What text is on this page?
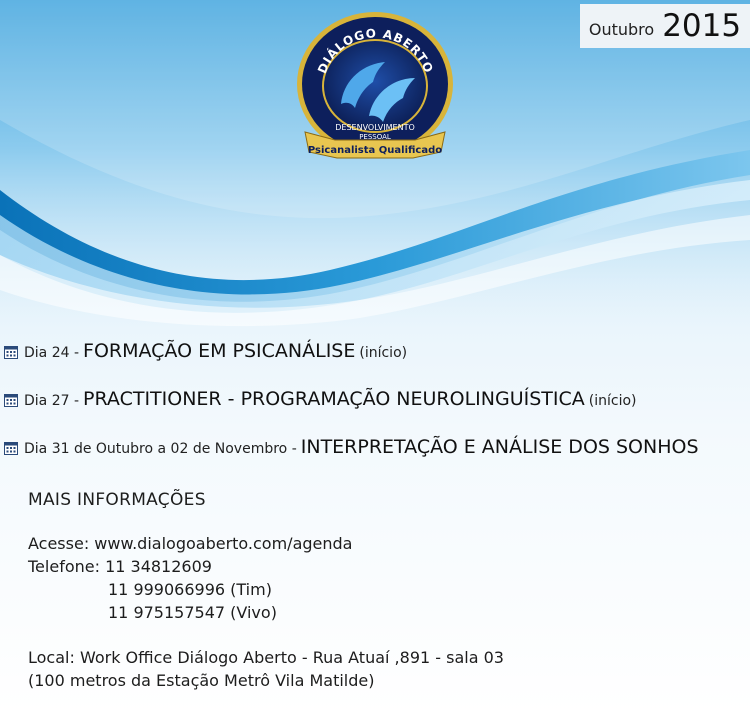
Outubro 2015
DIÁLOGO ABERTO
DESENVOLVIMENTO
PESSOAL
Psicanalista Qualificado
Dia 24 - FORMAÇÃO EM PSICANÁLISE (início)
Dia 27 - PRACTITIONER - PROGRAMAÇÃO NEUROLINGUÍSTICA (início)
Dia 31 de Outubro a 02 de Novembro - INTERPRETAÇÃO E ANÁLISE DOS SONHOS
MAIS INFORMAÇÕES
Acesse: www.dialogoaberto.com/agenda
Telefone: 11 34812609
11 999066996 (Tim)
11 975157547 (Vivo)
Local: Work Office Diálogo Aberto - Rua Atuaí ,891 - sala 03
(100 metros da Estação Metrô Vila Matilde)
